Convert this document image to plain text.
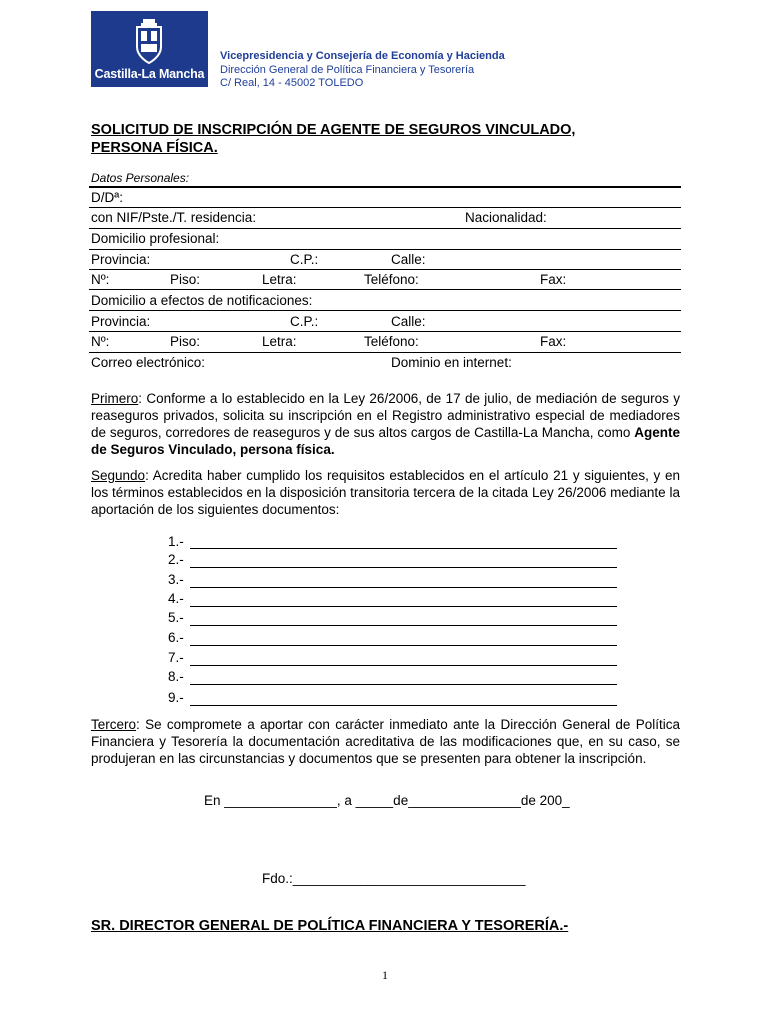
Castilla-La Mancha
Vicepresidencia y Consejería de Economía y Hacienda
Dirección General de Política Financiera y Tesorería
C/ Real, 14 - 45002 TOLEDO
SOLICITUD DE INSCRIPCIÓN DE AGENTE DE SEGUROS VINCULADO,
PERSONA FÍSICA.
Datos Personales:
D/Dª:
con NIF/Pste./T. residencia:	Nacionalidad:
Domicilio profesional:
Provincia:	C.P.:	Calle:
Nº:	Piso:	Letra:	Teléfono:	Fax:
Domicilio a efectos de notificaciones:
Provincia:	C.P.:	Calle:
Nº:	Piso:	Letra:	Teléfono:	Fax:
Correo electrónico:	Dominio en internet:
Primero: Conforme a lo establecido en la Ley 26/2006, de 17 de julio, de mediación de seguros y reaseguros privados, solicita su inscripción en el Registro administrativo especial de mediadores de seguros, corredores de reaseguros y de sus altos cargos de Castilla-La Mancha, como Agente de Seguros Vinculado, persona física.
Segundo: Acredita haber cumplido los requisitos establecidos en el artículo 21 y siguientes, y en los términos establecidos en la disposición transitoria tercera de la citada Ley 26/2006 mediante la aportación de los siguientes documentos:
1.-
2.-
3.-
4.-
5.-
6.-
7.-
8.-
9.-
Tercero: Se compromete a aportar con carácter inmediato ante la Dirección General de Política Financiera y Tesorería la documentación acreditativa de las modificaciones que, en su caso, se produjeran en las circunstancias y documentos que se presenten para obtener la inscripción.
En _______________, a _____de_______________de 200_
Fdo.:_______________________________
SR. DIRECTOR GENERAL DE POLÍTICA FINANCIERA Y TESORERÍA.-
1
